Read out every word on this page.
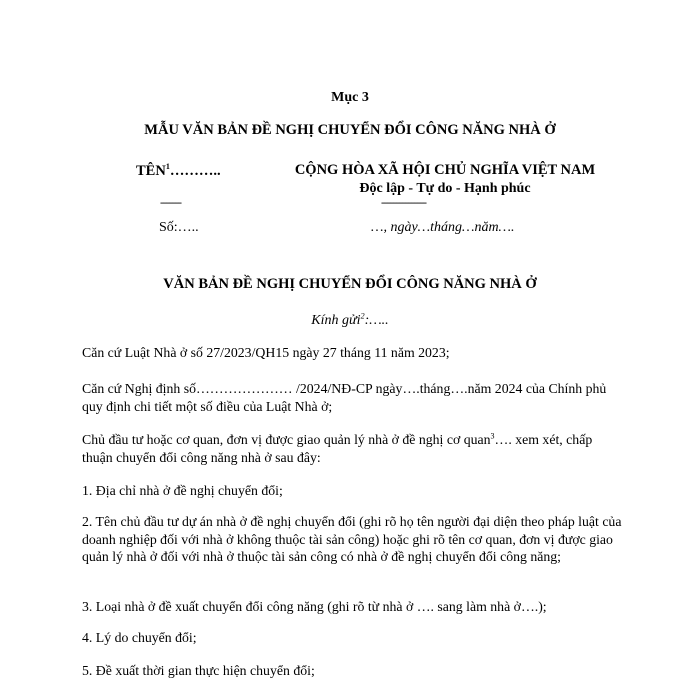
Mục 3
MẪU VĂN BẢN ĐỀ NGHỊ CHUYỂN ĐỔI CÔNG NĂNG NHÀ Ở
TÊN$^1$………..	CỘNG HÒA XÃ HỘI CHỦ NGHĨA VIỆT NAM
Độc lập - Tự do - Hạnh phúc
-------	---------------
Số:…..	…, ngày…tháng…năm….
VĂN BẢN ĐỀ NGHỊ CHUYỂN ĐỔI CÔNG NĂNG NHÀ Ở
Kính gửi$^2$:…..
Căn cứ Luật Nhà ở số 27/2023/QH15 ngày 27 tháng 11 năm 2023;
Căn cứ Nghị định số………………… /2024/NĐ-CP ngày….tháng….năm 2024 của Chính phủ quy định chi tiết một số điều của Luật Nhà ở;
Chủ đầu tư hoặc cơ quan, đơn vị được giao quản lý nhà ở đề nghị cơ quan$^3$…. xem xét, chấp thuận chuyển đổi công năng nhà ở sau đây:
1. Địa chỉ nhà ở đề nghị chuyển đổi;
2. Tên chủ đầu tư dự án nhà ở đề nghị chuyển đổi (ghi rõ họ tên người đại diện theo pháp luật của doanh nghiệp đối với nhà ở không thuộc tài sản công) hoặc ghi rõ tên cơ quan, đơn vị được giao quản lý nhà ở đối với nhà ở thuộc tài sản công có nhà ở đề nghị chuyển đổi công năng;
3. Loại nhà ở đề xuất chuyển đổi công năng (ghi rõ từ nhà ở …. sang làm nhà ở….);
4. Lý do chuyển đổi;
5. Đề xuất thời gian thực hiện chuyển đổi;
